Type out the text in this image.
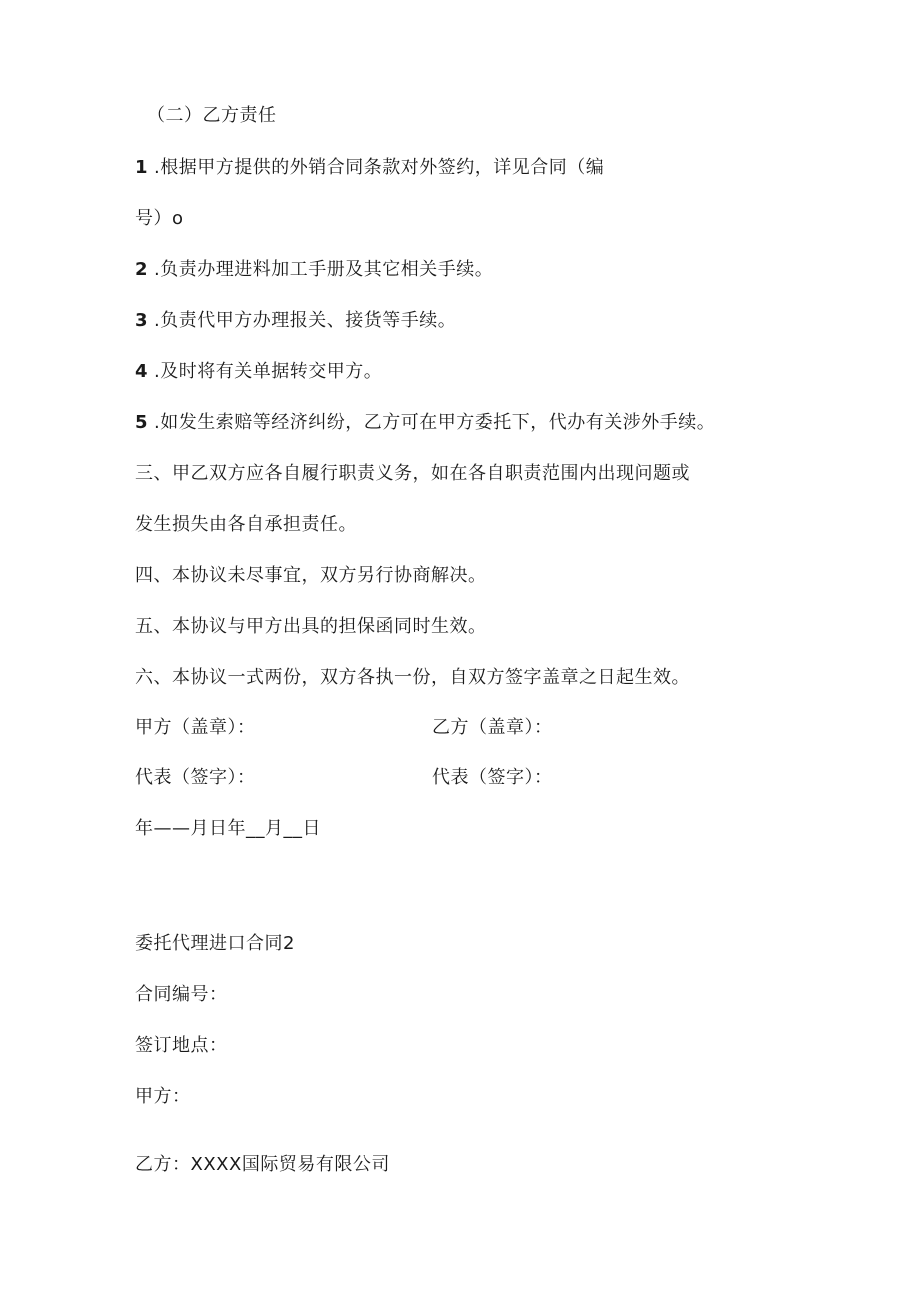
（二）乙方责任
1 .根据甲方提供的外销合同条款对外签约，详见合同（编
号）o
2 .负责办理进料加工手册及其它相关手续。
3 .负责代甲方办理报关、接货等手续。
4 .及时将有关单据转交甲方。
5 .如发生索赔等经济纠纷，乙方可在甲方委托下，代办有关涉外手续。
三、甲乙双方应各自履行职责义务，如在各自职责范围内出现问题或
发生损失由各自承担责任。
四、本协议未尽事宜，双方另行协商解决。
五、本协议与甲方出具的担保函同时生效。
六、本协议一式两份，双方各执一份，自双方签字盖章之日起生效。
甲方（盖章）：	乙方（盖章）：
代表（签字）：	代表（签字）：
年——月日年__月__日
委托代理进口合同2
合同编号：
签订地点：
甲方：
乙方：XXXX国际贸易有限公司
